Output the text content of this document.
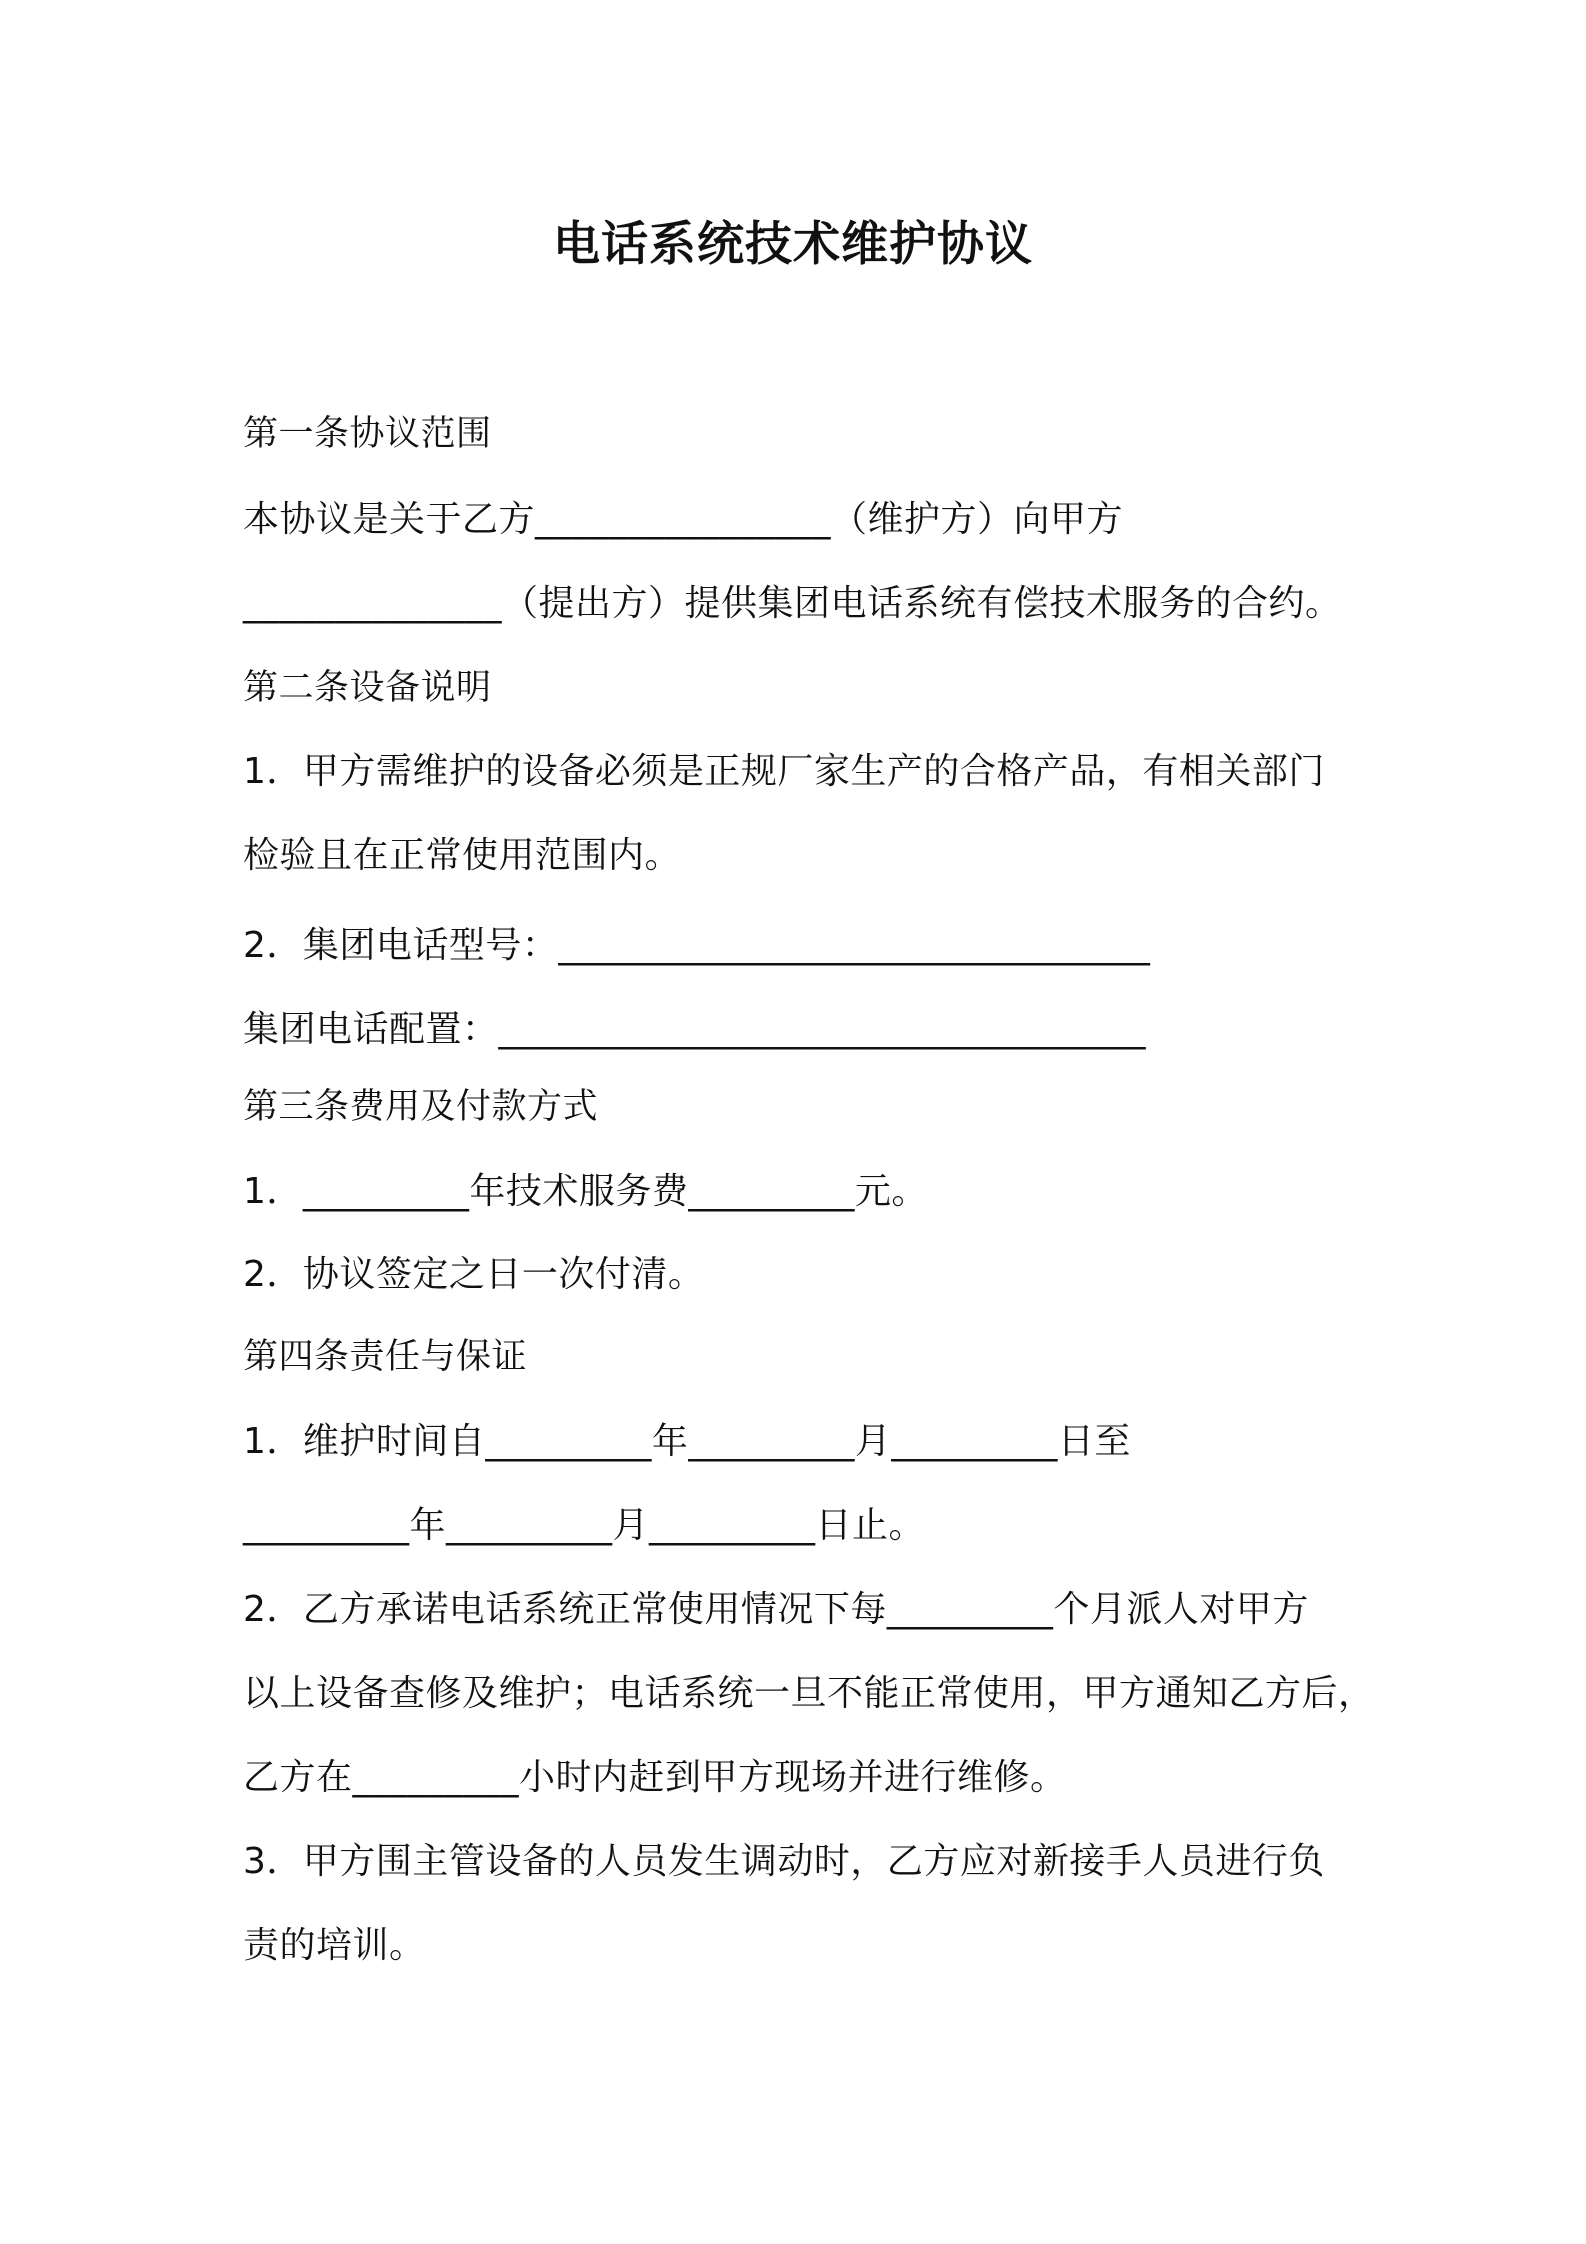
电话系统技术维护协议
第一条协议范围
本协议是关于乙方________________（维护方）向甲方
______________（提出方）提供集团电话系统有偿技术服务的合约。
第二条设备说明
1．甲方需维护的设备必须是正规厂家生产的合格产品，有相关部门
检验且在正常使用范围内。
2．集团电话型号：________________________________
集团电话配置：___________________________________
第三条费用及付款方式
1．_________年技术服务费_________元。
2．协议签定之日一次付清。
第四条责任与保证
1．维护时间自_________年_________月_________日至
_________年_________月_________日止。
2．乙方承诺电话系统正常使用情况下每_________个月派人对甲方
以上设备查修及维护；电话系统一旦不能正常使用，甲方通知乙方后，
乙方在_________小时内赶到甲方现场并进行维修。
3．甲方围主管设备的人员发生调动时，乙方应对新接手人员进行负
责的培训。
